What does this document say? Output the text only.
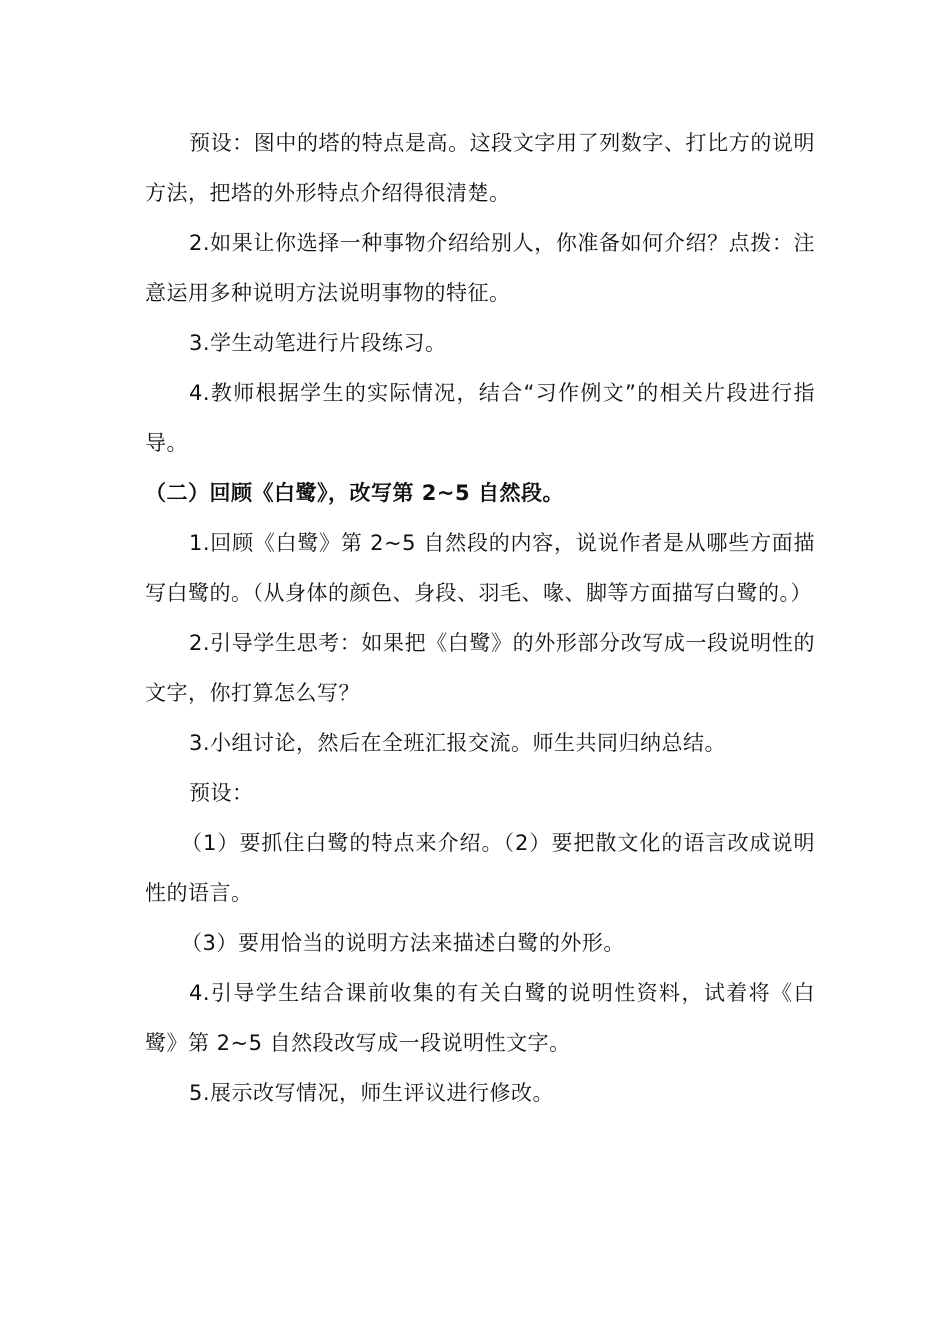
预设：图中的塔的特点是高。这段文字用了列数字、打比方的说明方法，把塔的外形特点介绍得很清楚。

2.如果让你选择一种事物介绍给别人，你准备如何介绍？点拨：注意运用多种说明方法说明事物的特征。

3.学生动笔进行片段练习。

4.教师根据学生的实际情况，结合“习作例文”的相关片段进行指导。

（二）回顾《白鹭》，改写第 2~5 自然段。

1.回顾《白鹭》第 2~5 自然段的内容，说说作者是从哪些方面描写白鹭的。（从身体的颜色、身段、羽毛、喙、脚等方面描写白鹭的。）

2.引导学生思考：如果把《白鹭》的外形部分改写成一段说明性的文字，你打算怎么写？

3.小组讨论，然后在全班汇报交流。师生共同归纳总结。

预设：

（1）要抓住白鹭的特点来介绍。（2）要把散文化的语言改成说明性的语言。

（3）要用恰当的说明方法来描述白鹭的外形。

4.引导学生结合课前收集的有关白鹭的说明性资料，试着将《白鹭》第 2~5 自然段改写成一段说明性文字。

5.展示改写情况，师生评议进行修改。
